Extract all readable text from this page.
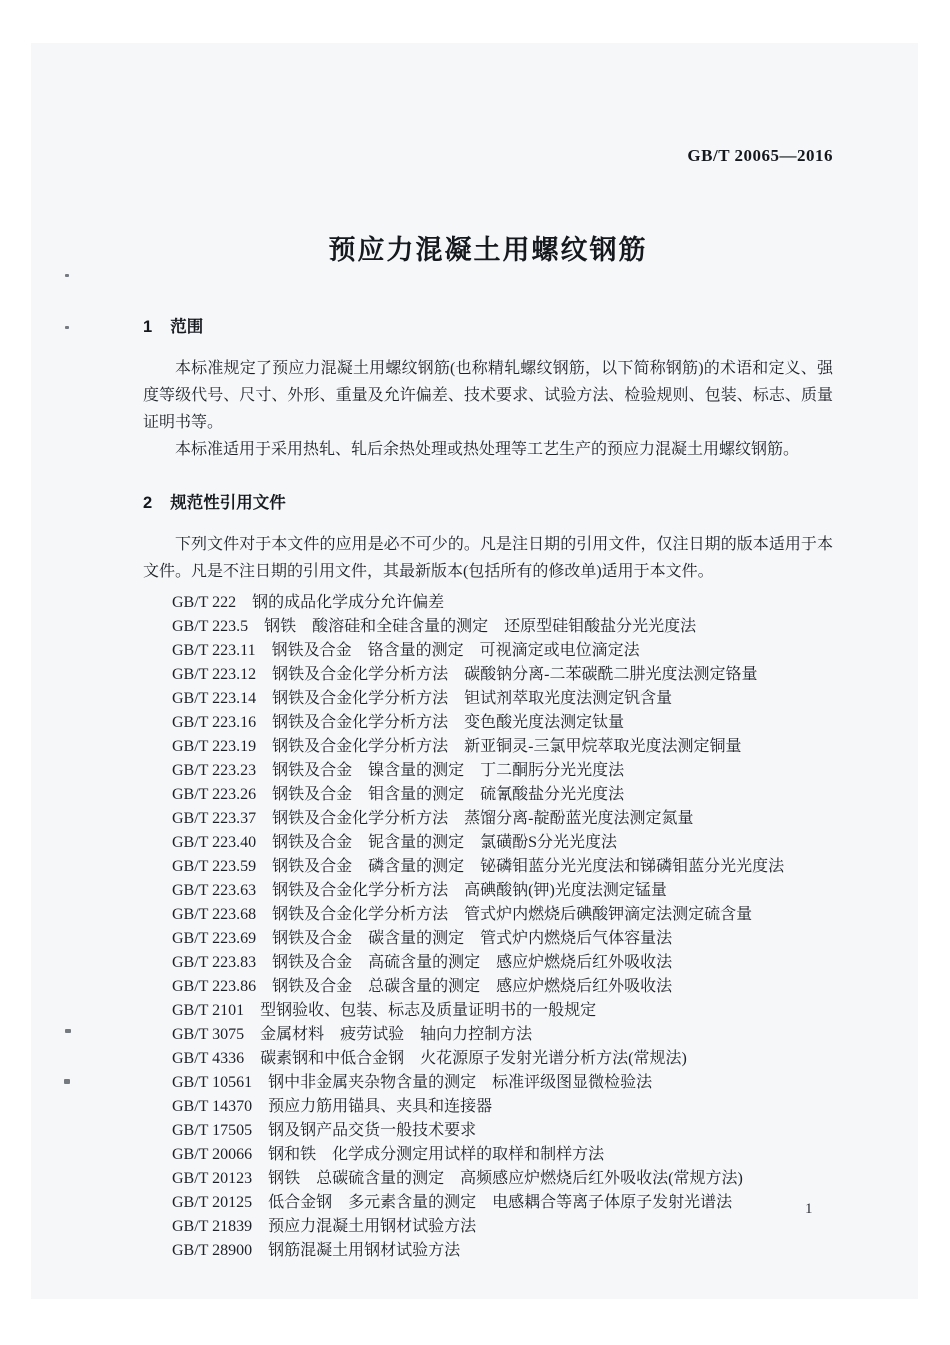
GB/T 20065—2016
预应力混凝土用螺纹钢筋
1 范围

本标准规定了预应力混凝土用螺纹钢筋(也称精轧螺纹钢筋，以下简称钢筋)的术语和定义、强度等级代号、尺寸、外形、重量及允许偏差、技术要求、试验方法、检验规则、包装、标志、质量证明书等。

本标准适用于采用热轧、轧后余热处理或热处理等工艺生产的预应力混凝土用螺纹钢筋。

2 规范性引用文件

下列文件对于本文件的应用是必不可少的。凡是注日期的引用文件，仅注日期的版本适用于本文件。凡是不注日期的引用文件，其最新版本(包括所有的修改单)适用于本文件。

GB/T 222 钢的成品化学成分允许偏差
GB/T 223.5 钢铁　酸溶硅和全硅含量的测定　还原型硅钼酸盐分光光度法
GB/T 223.11 钢铁及合金　铬含量的测定　可视滴定或电位滴定法
GB/T 223.12 钢铁及合金化学分析方法　碳酸钠分离-二苯碳酰二肼光度法测定铬量
GB/T 223.14 钢铁及合金化学分析方法　钽试剂萃取光度法测定钒含量
GB/T 223.16 钢铁及合金化学分析方法　变色酸光度法测定钛量
GB/T 223.19 钢铁及合金化学分析方法　新亚铜灵-三氯甲烷萃取光度法测定铜量
GB/T 223.23 钢铁及合金　镍含量的测定　丁二酮肟分光光度法
GB/T 223.26 钢铁及合金　钼含量的测定　硫氰酸盐分光光度法
GB/T 223.37 钢铁及合金化学分析方法　蒸馏分离-靛酚蓝光度法测定氮量
GB/T 223.40 钢铁及合金　铌含量的测定　氯磺酚S分光光度法
GB/T 223.59 钢铁及合金　磷含量的测定　铋磷钼蓝分光光度法和锑磷钼蓝分光光度法
GB/T 223.63 钢铁及合金化学分析方法　高碘酸钠(钾)光度法测定锰量
GB/T 223.68 钢铁及合金化学分析方法　管式炉内燃烧后碘酸钾滴定法测定硫含量
GB/T 223.69 钢铁及合金　碳含量的测定　管式炉内燃烧后气体容量法
GB/T 223.83 钢铁及合金　高硫含量的测定　感应炉燃烧后红外吸收法
GB/T 223.86 钢铁及合金　总碳含量的测定　感应炉燃烧后红外吸收法
GB/T 2101 型钢验收、包装、标志及质量证明书的一般规定
GB/T 3075 金属材料　疲劳试验　轴向力控制方法
GB/T 4336 碳素钢和中低合金钢　火花源原子发射光谱分析方法(常规法)
GB/T 10561 钢中非金属夹杂物含量的测定　标准评级图显微检验法
GB/T 14370 预应力筋用锚具、夹具和连接器
GB/T 17505 钢及钢产品交货一般技术要求
GB/T 20066 钢和铁　化学成分测定用试样的取样和制样方法
GB/T 20123 钢铁　总碳硫含量的测定　高频感应炉燃烧后红外吸收法(常规方法)
GB/T 20125 低合金钢　多元素含量的测定　电感耦合等离子体原子发射光谱法
GB/T 21839 预应力混凝土用钢材试验方法
GB/T 28900 钢筋混凝土用钢材试验方法
1
